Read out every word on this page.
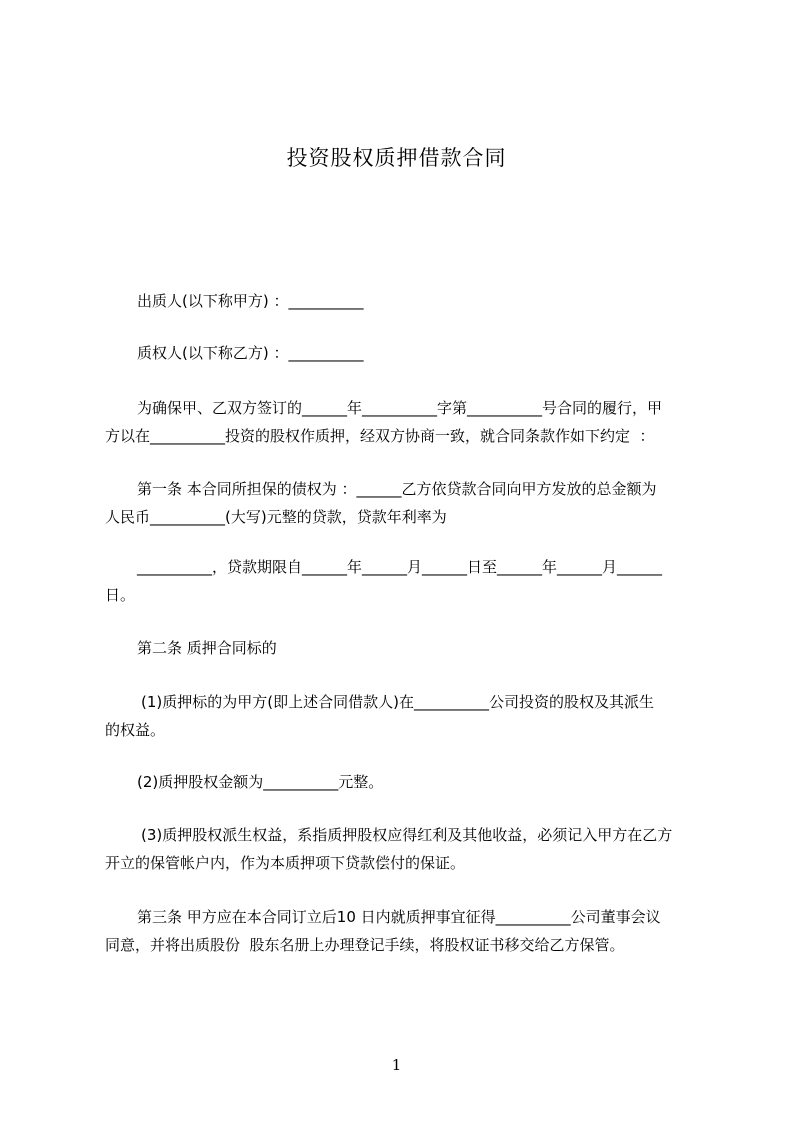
投资股权质押借款合同

出质人(以下称甲方) ：__________

质权人(以下称乙方) ：__________

为确保甲、乙双方签订的______年__________字第__________号合同的履行，甲

方以在__________投资的股权作质押，经双方协商一致，就合同条款作如下约定  ：

第一条 本合同所担保的债权为 ：______乙方依贷款合同向甲方发放的总金额为

人民币__________(大写)元整的贷款，贷款年利率为

__________，贷款期限自______年______月______日至______年______月______

日。

第二条 质押合同标的

(1)质押标的为甲方(即上述合同借款人)在__________公司投资的股权及其派生

的权益。

(2)质押股权金额为__________元整。

(3)质押股权派生权益，系指质押股权应得红利及其他收益，必须记入甲方在乙方

开立的保管帐户内，作为本质押项下贷款偿付的保证。

第三条 甲方应在本合同订立后10 日内就质押事宜征得__________公司董事会议

同意，并将出质股份  股东名册上办理登记手续，将股权证书移交给乙方保管。

1
